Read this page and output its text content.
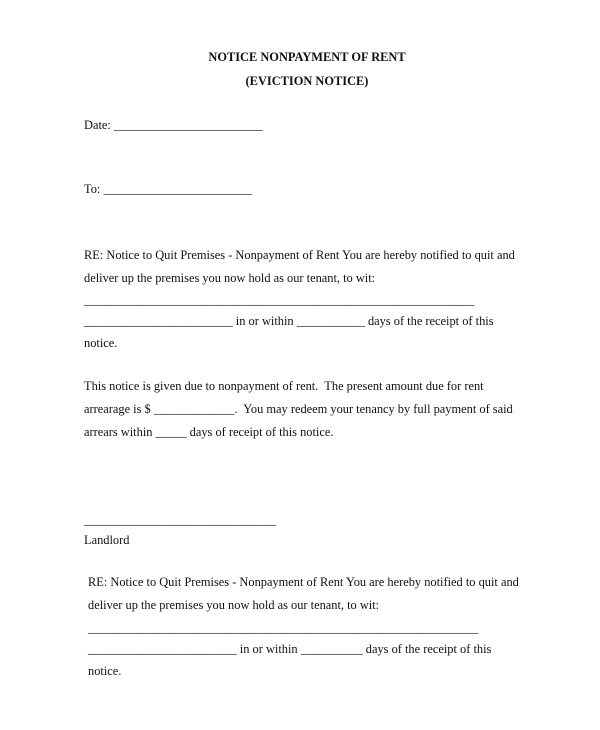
NOTICE NONPAYMENT OF RENT
(EVICTION NOTICE)
Date: ________________________
To: ________________________
RE: Notice to Quit Premises - Nonpayment of Rent You are hereby notified to quit and
deliver up the premises you now hold as our tenant, to wit:
_______________________________________________________________
________________________ in or within ___________ days of the receipt of this
notice.
This notice is given due to nonpayment of rent.  The present amount due for rent
arrearage is $ _____________.  You may redeem your tenancy by full payment of said
arrears within _____ days of receipt of this notice.
_______________________________
Landlord
RE: Notice to Quit Premises - Nonpayment of Rent You are hereby notified to quit and
deliver up the premises you now hold as our tenant, to wit:
_______________________________________________________________
________________________ in or within __________ days of the receipt of this
notice.
